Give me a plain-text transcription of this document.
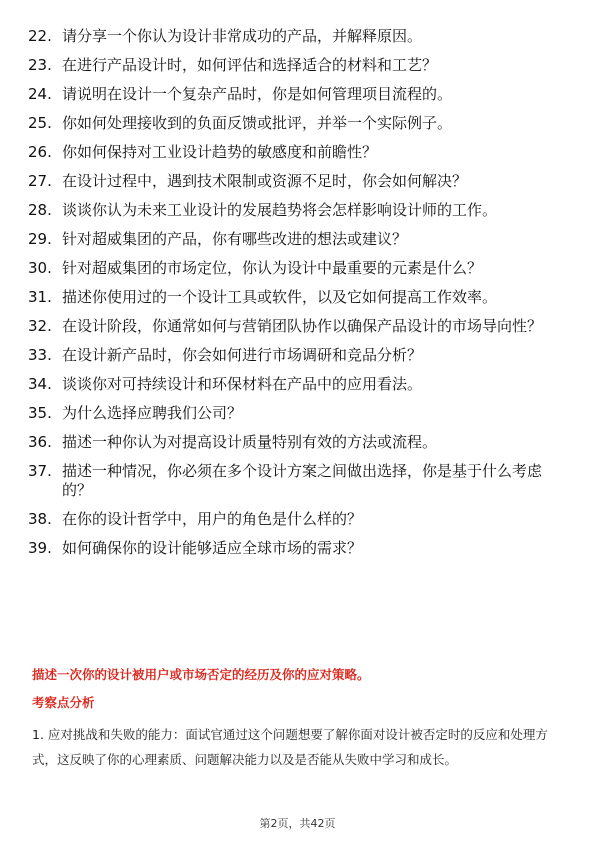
22. 请分享一个你认为设计非常成功的产品，并解释原因。
23. 在进行产品设计时，如何评估和选择适合的材料和工艺？
24. 请说明在设计一个复杂产品时，你是如何管理项目流程的。
25. 你如何处理接收到的负面反馈或批评，并举一个实际例子。
26. 你如何保持对工业设计趋势的敏感度和前瞻性？
27. 在设计过程中，遇到技术限制或资源不足时，你会如何解决？
28. 谈谈你认为未来工业设计的发展趋势将会怎样影响设计师的工作。
29. 针对超威集团的产品，你有哪些改进的想法或建议？
30. 针对超威集团的市场定位，你认为设计中最重要的元素是什么？
31. 描述你使用过的一个设计工具或软件，以及它如何提高工作效率。
32. 在设计阶段，你通常如何与营销团队协作以确保产品设计的市场导向性？
33. 在设计新产品时，你会如何进行市场调研和竞品分析？
34. 谈谈你对可持续设计和环保材料在产品中的应用看法。
35. 为什么选择应聘我们公司？
36. 描述一种你认为对提高设计质量特别有效的方法或流程。
37. 描述一种情况，你必须在多个设计方案之间做出选择，你是基于什么考虑的？
38. 在你的设计哲学中，用户的角色是什么样的？
39. 如何确保你的设计能够适应全球市场的需求？
描述一次你的设计被用户或市场否定的经历及你的应对策略。
考察点分析
1. 应对挑战和失败的能力：面试官通过这个问题想要了解你面对设计被否定时的反应和处理方式，这反映了你的心理素质、问题解决能力以及是否能从失败中学习和成长。
第2页，共42页
